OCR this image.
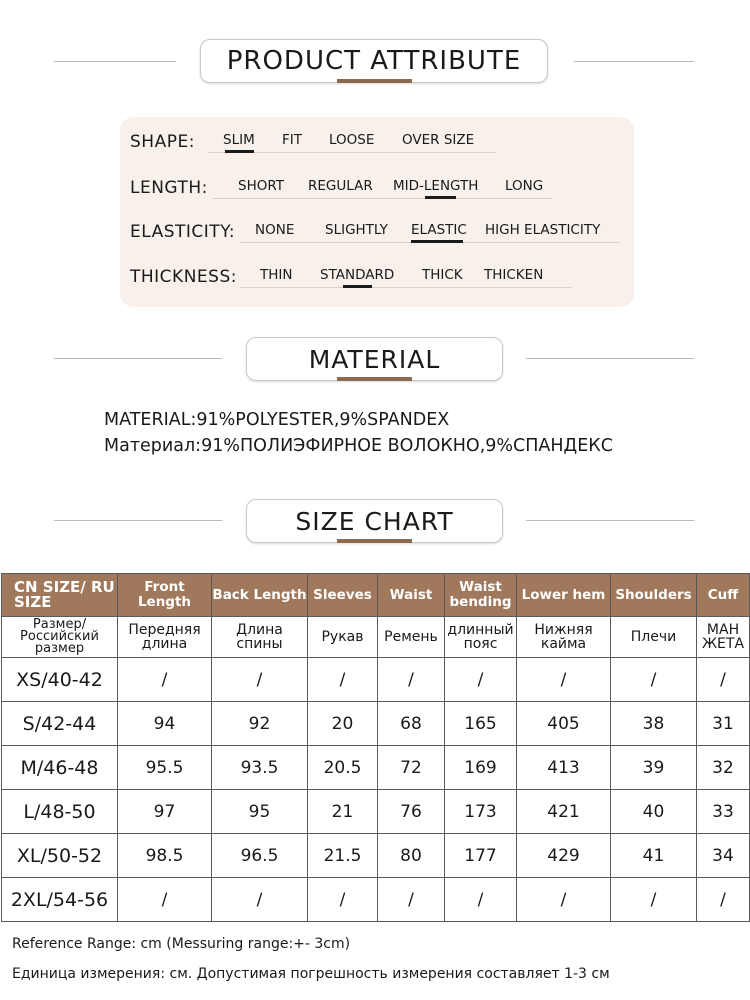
PRODUCT ATTRIBUTE
SHAPE: SLIM FIT LOOSE OVER SIZE
LENGTH: SHORT REGULAR MID-LENGTH LONG
ELASTICITY: NONE SLIGHTLY ELASTIC HIGH ELASTICITY
THICKNESS: THIN STANDARD THICK THICKEN
MATERIAL
MATERIAL:91%POLYESTER,9%SPANDEX
Материал:91%ПОЛИЭФИРНОЕ ВОЛОКНО,9%СПАНДЕКС
SIZE CHART
CN SIZE/ RU SIZE	Front Length	Back Length	Sleeves	Waist	Waist bending	Lower hem	Shoulders	Cuff
Размер/ Российский размер	Передняя длина	Длина спины	Рукав	Ремень	длинный пояс	Нижняя кайма	Плечи	МАН ЖЕТА
XS/40-42	/	/	/	/	/	/	/	/
S/42-44	94	92	20	68	165	405	38	31
M/46-48	95.5	93.5	20.5	72	169	413	39	32
L/48-50	97	95	21	76	173	421	40	33
XL/50-52	98.5	96.5	21.5	80	177	429	41	34
2XL/54-56	/	/	/	/	/	/	/	/
Reference Range: cm (Messuring range:+- 3cm)
Единица измерения: см. Допустимая погрешность измерения составляет 1-3 см
